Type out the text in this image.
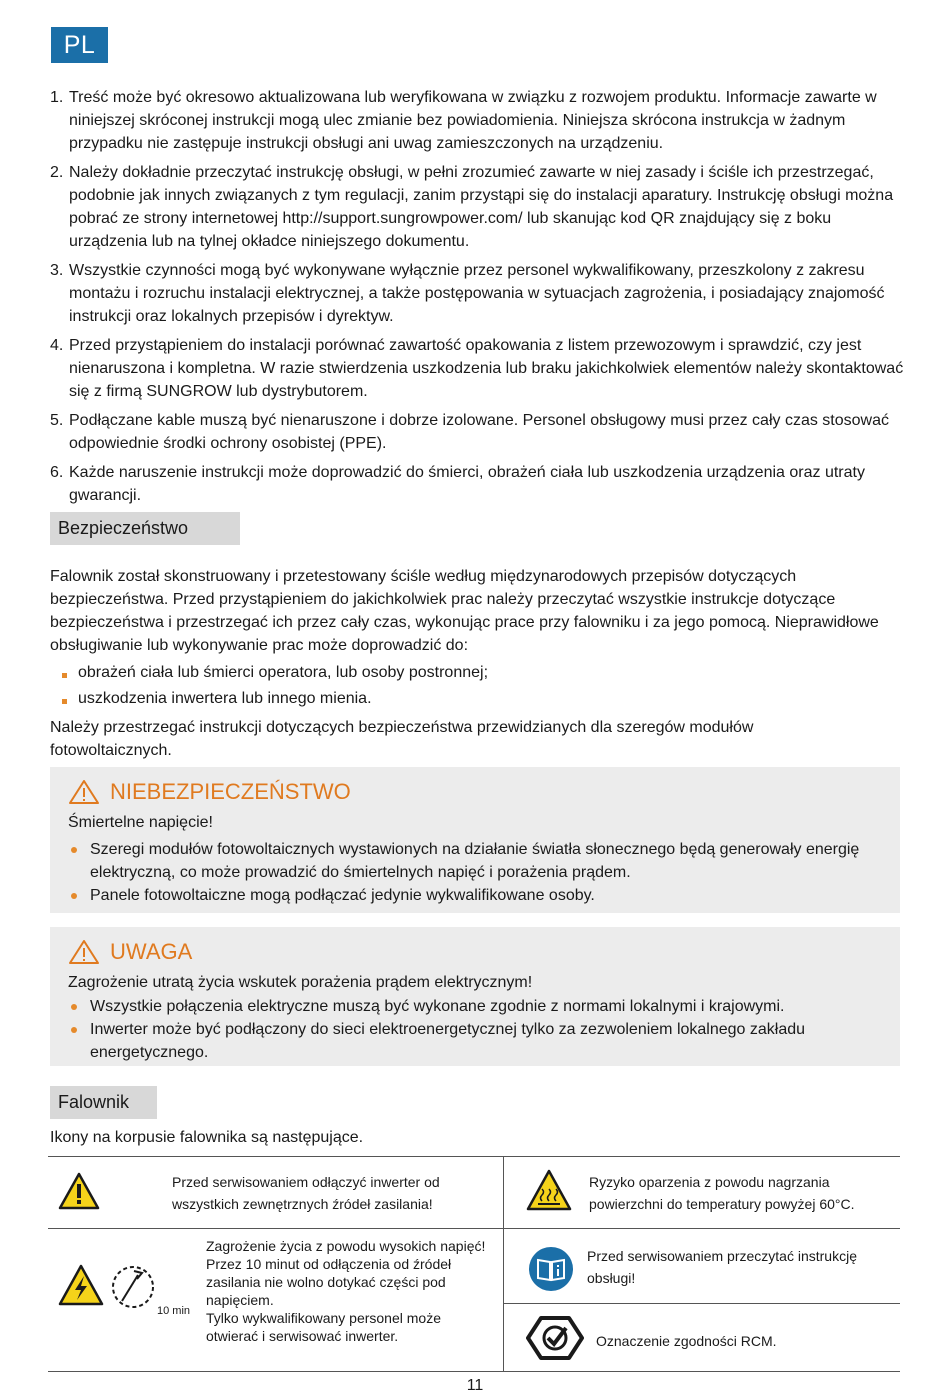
PL
1. Treść może być okresowo aktualizowana lub weryfikowana w związku z rozwojem produktu. Informacje zawarte w niniejszej skróconej instrukcji mogą ulec zmianie bez powiadomienia. Niniejsza skrócona instrukcja w żadnym przypadku nie zastępuje instrukcji obsługi ani uwag zamieszczonych na urządzeniu.
2. Należy dokładnie przeczytać instrukcję obsługi, w pełni zrozumieć zawarte w niej zasady i ściśle ich przestrzegać, podobnie jak innych związanych z tym regulacji, zanim przystąpi się do instalacji aparatury. Instrukcję obsługi można pobrać ze strony internetowej http://support.sungrowpower.com/ lub skanując kod QR znajdujący się z boku urządzenia lub na tylnej okładce niniejszego dokumentu.
3. Wszystkie czynności mogą być wykonywane wyłącznie przez personel wykwalifikowany, przeszkolony z zakresu montażu i rozruchu instalacji elektrycznej, a także postępowania w sytuacjach zagrożenia, i posiadający znajomość instrukcji oraz lokalnych przepisów i dyrektyw.
4. Przed przystąpieniem do instalacji porównać zawartość opakowania z listem przewozowym i sprawdzić, czy jest nienaruszona i kompletna. W razie stwierdzenia uszkodzenia lub braku jakichkolwiek elementów należy skontaktować się z firmą SUNGROW lub dystrybutorem.
5. Podłączane kable muszą być nienaruszone i dobrze izolowane. Personel obsługowy musi przez cały czas stosować odpowiednie środki ochrony osobistej (PPE).
6. Każde naruszenie instrukcji może doprowadzić do śmierci, obrażeń ciała lub uszkodzenia urządzenia oraz utraty gwarancji.
Bezpieczeństwo
Falownik został skonstruowany i przetestowany ściśle według międzynarodowych przepisów dotyczących bezpieczeństwa. Przed przystąpieniem do jakichkolwiek prac należy przeczytać wszystkie instrukcje dotyczące bezpieczeństwa i przestrzegać ich przez cały czas, wykonując prace przy falowniku i za jego pomocą. Nieprawidłowe obsługiwanie lub wykonywanie prac może doprowadzić do:
obrażeń ciała lub śmierci operatora, lub osoby postronnej;
uszkodzenia inwertera lub innego mienia.
Należy przestrzegać instrukcji dotyczących bezpieczeństwa przewidzianych dla szeregów modułów fotowoltaicznych.
NIEBEZPIECZEŃSTWO
Śmiertelne napięcie!
Szeregi modułów fotowoltaicznych wystawionych na działanie światła słonecznego będą generowały energię elektryczną, co może prowadzić do śmiertelnych napięć i porażenia prądem.
Panele fotowoltaiczne mogą podłączać jedynie wykwalifikowane osoby.
UWAGA
Zagrożenie utratą życia wskutek porażenia prądem elektrycznym!
Wszystkie połączenia elektryczne muszą być wykonane zgodnie z normami lokalnymi i krajowymi.
Inwerter może być podłączony do sieci elektroenergetycznej tylko za zezwoleniem lokalnego zakładu energetycznego.
Falownik
Ikony na korpusie falownika są następujące.
Przed serwisowaniem odłączyć inwerter od wszystkich zewnętrznych źródeł zasilania!
Ryzyko oparzenia z powodu nagrzania powierzchni do temperatury powyżej 60°C.
10 min
Zagrożenie życia z powodu wysokich napięć!
Przez 10 minut od odłączenia od źródeł zasilania nie wolno dotykać części pod napięciem.
Tylko wykwalifikowany personel może otwierać i serwisować inwerter.
Przed serwisowaniem przeczytać instrukcję obsługi!
Oznaczenie zgodności RCM.
11
